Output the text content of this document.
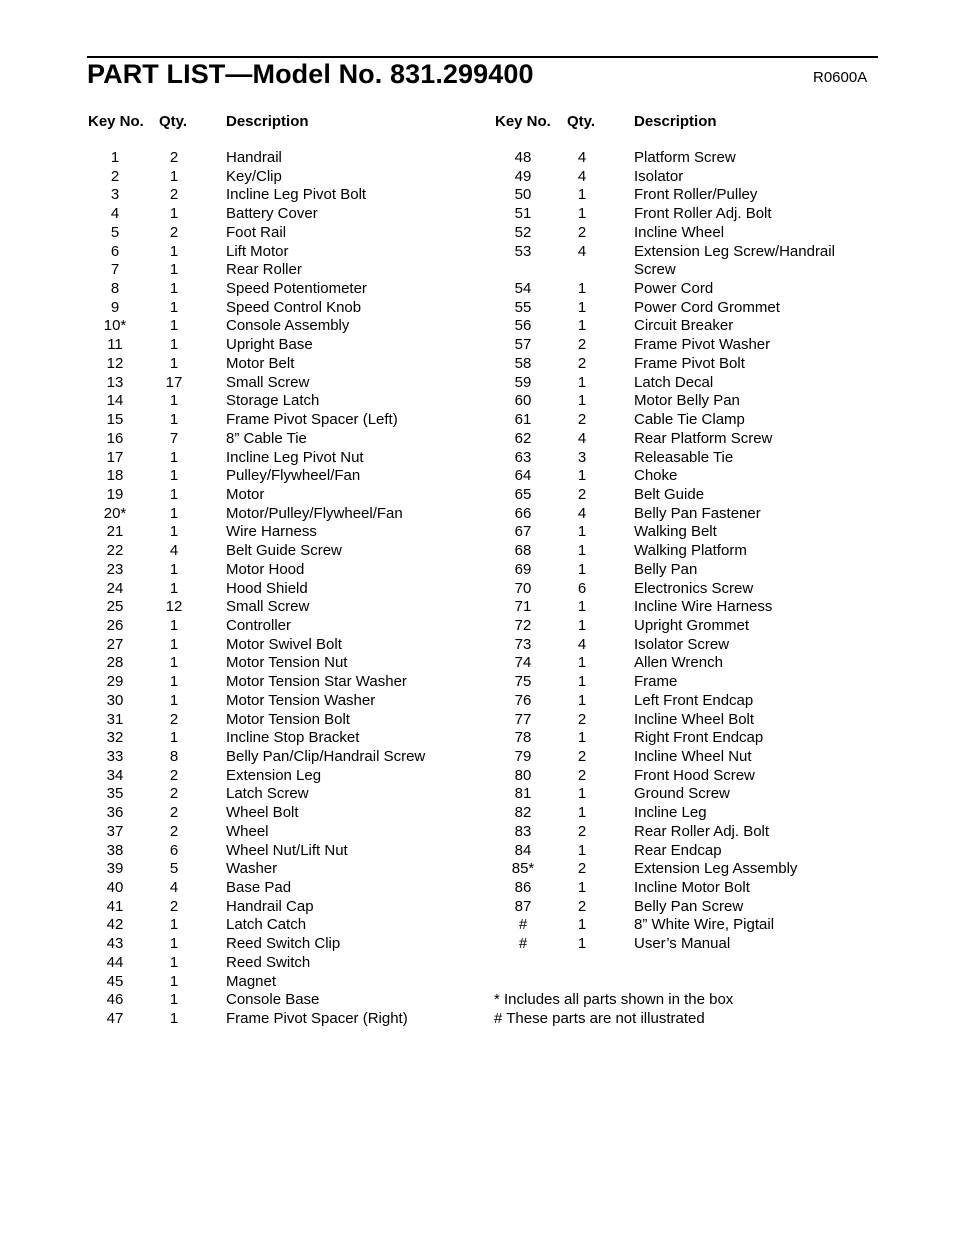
PART LIST—Model No. 831.299400	R0600A
Key No. Qty.	Description	Key No. Qty.	Description
1	2	Handrail
2	1	Key/Clip
3	2	Incline Leg Pivot Bolt
4	1	Battery Cover
5	2	Foot Rail
6	1	Lift Motor
7	1	Rear Roller
8	1	Speed Potentiometer
9	1	Speed Control Knob
10*	1	Console Assembly
11	1	Upright Base
12	1	Motor Belt
13	17	Small Screw
14	1	Storage Latch
15	1	Frame Pivot Spacer (Left)
16	7	8” Cable Tie
17	1	Incline Leg Pivot Nut
18	1	Pulley/Flywheel/Fan
19	1	Motor
20*	1	Motor/Pulley/Flywheel/Fan
21	1	Wire Harness
22	4	Belt Guide Screw
23	1	Motor Hood
24	1	Hood Shield
25	12	Small Screw
26	1	Controller
27	1	Motor Swivel Bolt
28	1	Motor Tension Nut
29	1	Motor Tension Star Washer
30	1	Motor Tension Washer
31	2	Motor Tension Bolt
32	1	Incline Stop Bracket
33	8	Belly Pan/Clip/Handrail Screw
34	2	Extension Leg
35	2	Latch Screw
36	2	Wheel Bolt
37	2	Wheel
38	6	Wheel Nut/Lift Nut
39	5	Washer
40	4	Base Pad
41	2	Handrail Cap
42	1	Latch Catch
43	1	Reed Switch Clip
44	1	Reed Switch
45	1	Magnet
46	1	Console Base
47	1	Frame Pivot Spacer (Right)
48	4	Platform Screw
49	4	Isolator
50	1	Front Roller/Pulley
51	1	Front Roller Adj. Bolt
52	2	Incline Wheel
53	4	Extension Leg Screw/Handrail
Screw
54	1	Power Cord
55	1	Power Cord Grommet
56	1	Circuit Breaker
57	2	Frame Pivot Washer
58	2	Frame Pivot Bolt
59	1	Latch Decal
60	1	Motor Belly Pan
61	2	Cable Tie Clamp
62	4	Rear Platform Screw
63	3	Releasable Tie
64	1	Choke
65	2	Belt Guide
66	4	Belly Pan Fastener
67	1	Walking Belt
68	1	Walking Platform
69	1	Belly Pan
70	6	Electronics Screw
71	1	Incline Wire Harness
72	1	Upright Grommet
73	4	Isolator Screw
74	1	Allen Wrench
75	1	Frame
76	1	Left Front Endcap
77	2	Incline Wheel Bolt
78	1	Right Front Endcap
79	2	Incline Wheel Nut
80	2	Front Hood Screw
81	1	Ground Screw
82	1	Incline Leg
83	2	Rear Roller Adj. Bolt
84	1	Rear Endcap
85*	2	Extension Leg Assembly
86	1	Incline Motor Bolt
87	2	Belly Pan Screw
#	1	8” White Wire, Pigtail
#	1	User’s Manual
* Includes all parts shown in the box
# These parts are not illustrated
